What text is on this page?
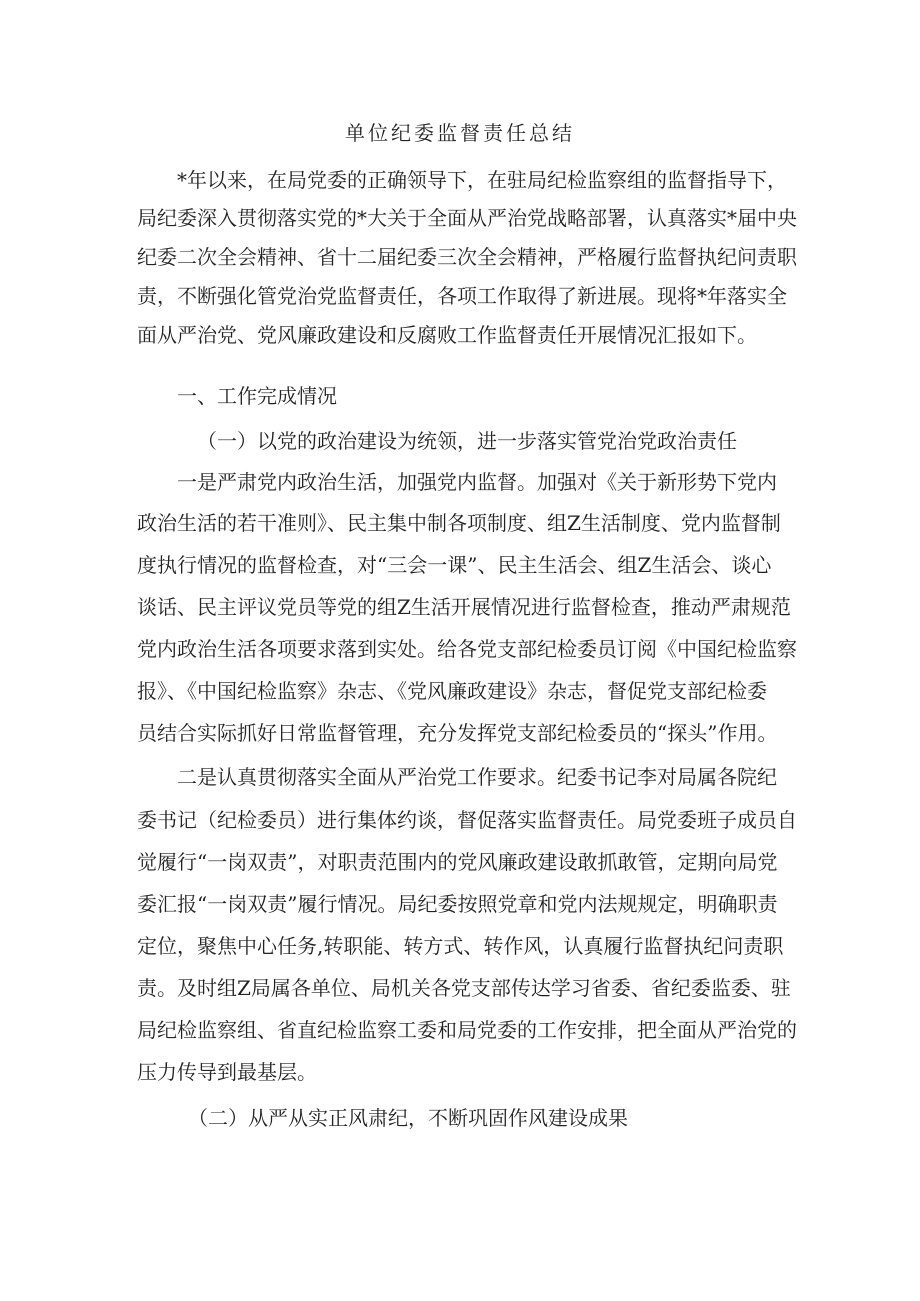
单位纪委监督责任总结
*年以来，在局党委的正确领导下，在驻局纪检监察组的监督指导下，
局纪委深入贯彻落实党的*大关于全面从严治党战略部署，认真落实*届中央
纪委二次全会精神、省十二届纪委三次全会精神，严格履行监督执纪问责职
责，不断强化管党治党监督责任，各项工作取得了新进展。现将*年落实全
面从严治党、党风廉政建设和反腐败工作监督责任开展情况汇报如下。
一、工作完成情况
（一）以党的政治建设为统领，进一步落实管党治党政治责任
一是严肃党内政治生活，加强党内监督。加强对《关于新形势下党内
政治生活的若干准则》、民主集中制各项制度、组Z生活制度、党内监督制
度执行情况的监督检查，对“三会一课”、民主生活会、组Z生活会、谈心
谈话、民主评议党员等党的组Z生活开展情况进行监督检查，推动严肃规范
党内政治生活各项要求落到实处。给各党支部纪检委员订阅《中国纪检监察
报》、《中国纪检监察》杂志、《党风廉政建设》杂志，督促党支部纪检委
员结合实际抓好日常监督管理，充分发挥党支部纪检委员的“探头”作用。
二是认真贯彻落实全面从严治党工作要求。纪委书记李对局属各院纪
委书记（纪检委员）进行集体约谈，督促落实监督责任。局党委班子成员自
觉履行“一岗双责”，对职责范围内的党风廉政建设敢抓敢管，定期向局党
委汇报“一岗双责”履行情况。局纪委按照党章和党内法规规定，明确职责
定位，聚焦中心任务,转职能、转方式、转作风，认真履行监督执纪问责职
责。及时组Z局属各单位、局机关各党支部传达学习省委、省纪委监委、驻
局纪检监察组、省直纪检监察工委和局党委的工作安排，把全面从严治党的
压力传导到最基层。
（二）从严从实正风肃纪，不断巩固作风建设成果
